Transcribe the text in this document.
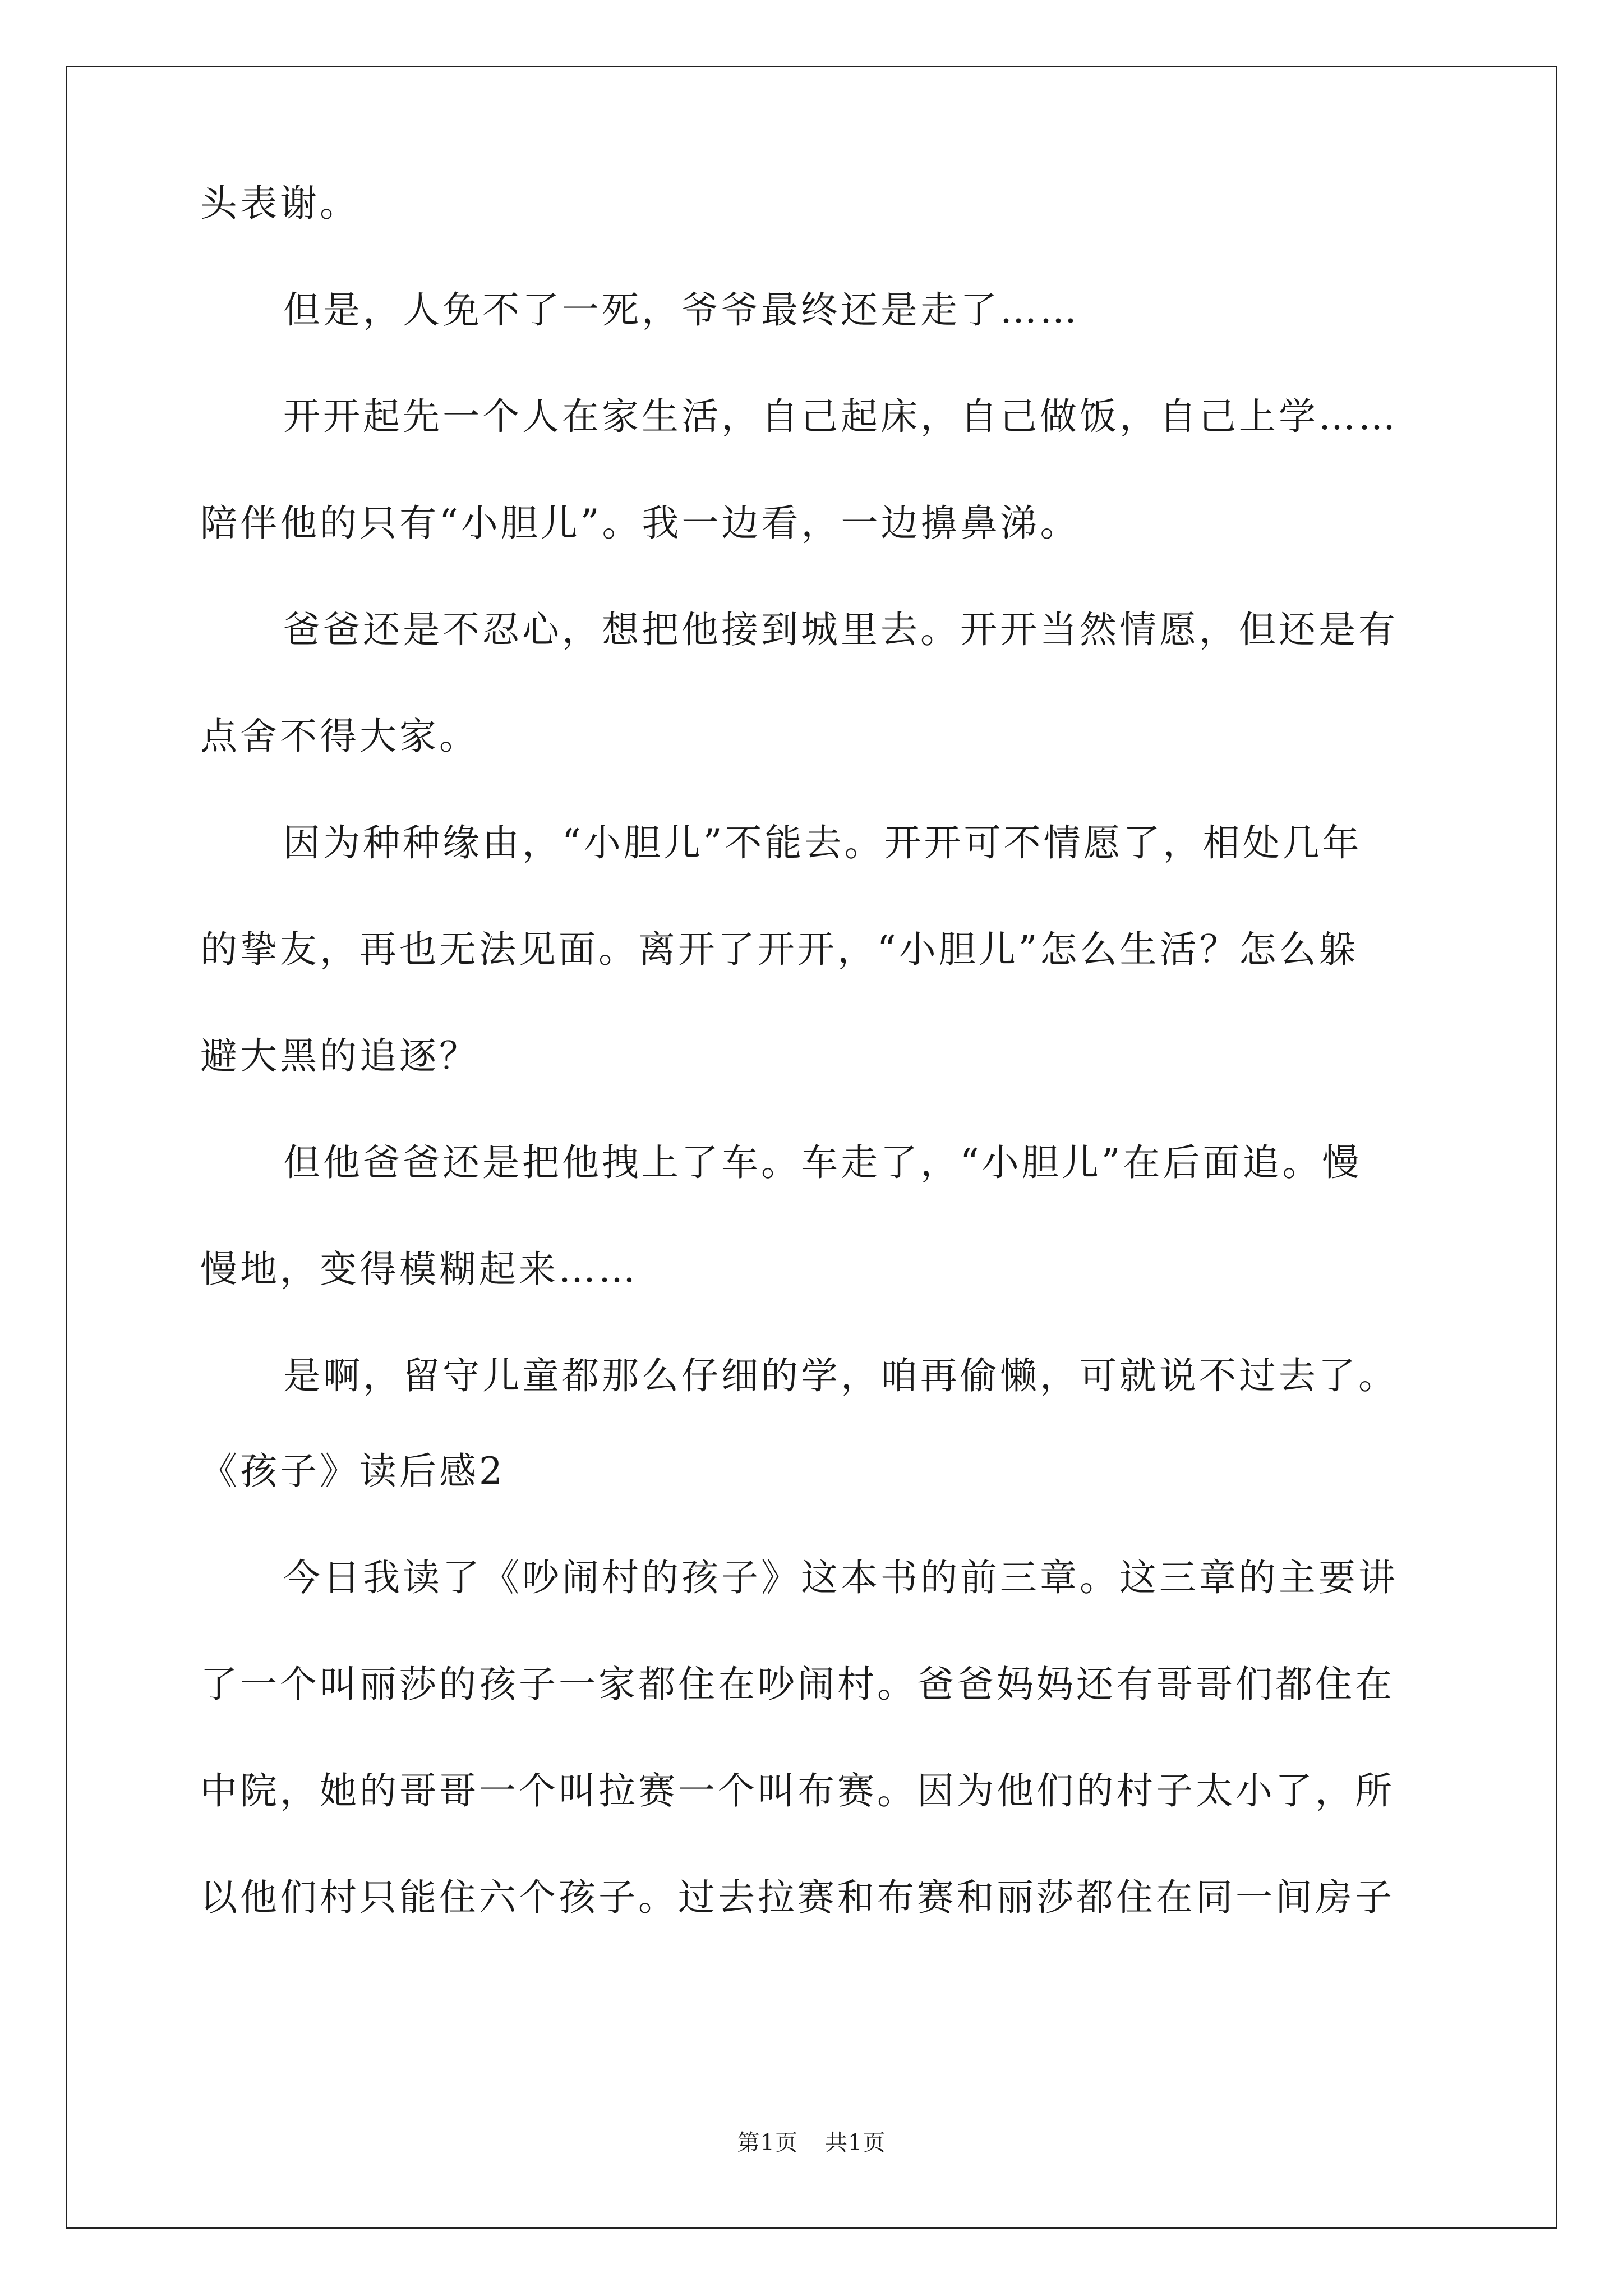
头表谢。
但是，人免不了一死，爷爷最终还是走了……
开开起先一个人在家生活，自己起床，自己做饭，自己上学……
陪伴他的只有“小胆儿”。我一边看，一边擤鼻涕。
爸爸还是不忍心，想把他接到城里去。开开当然情愿，但还是有
点舍不得大家。
因为种种缘由，“小胆儿”不能去。开开可不情愿了，相处几年
的挚友，再也无法见面。离开了开开，“小胆儿”怎么生活？怎么躲
避大黑的追逐？
但他爸爸还是把他拽上了车。车走了，“小胆儿”在后面追。慢
慢地，变得模糊起来……
是啊，留守儿童都那么仔细的学，咱再偷懒，可就说不过去了。
《孩子》读后感2
今日我读了《吵闹村的孩子》这本书的前三章。这三章的主要讲
了一个叫丽莎的孩子一家都住在吵闹村。爸爸妈妈还有哥哥们都住在
中院，她的哥哥一个叫拉赛一个叫布赛。因为他们的村子太小了，所
以他们村只能住六个孩子。过去拉赛和布赛和丽莎都住在同一间房子
第1页 共1页
